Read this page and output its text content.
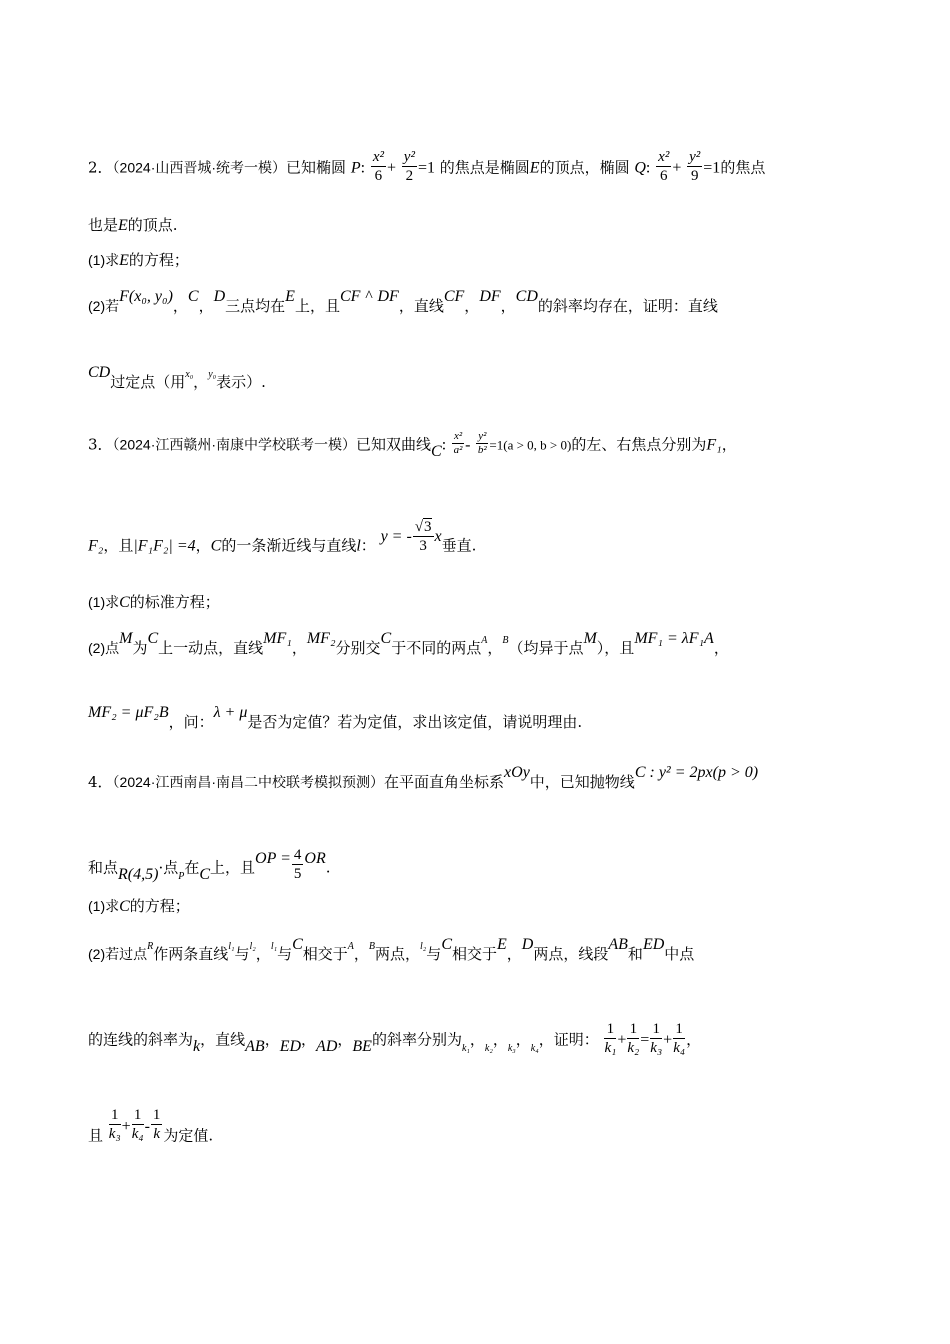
2．（2024·山西晋城·统考一模）已知椭圆 P: $\frac{\text{x²}}{6} + \frac{\text{y²}}{2} =1$ 的焦点是椭圆E的顶点，椭圆 Q: $\frac{\text{x²}}{6} + \frac{\text{y²}}{9} =1$的焦点
也是E的顶点.
(1)求E的方程；
(2)若F(x₀, y₀)，C，D三点均在E上，且CF ^ DF，直线CF，DF，CD的斜率均存在，证明：直线
CD过定点（用$^{x_0}$，$^{y_0}$表示）.
3．（2024·江西赣州·南康中学校联考一模）已知双曲线C: $\frac{\text{x²}}{\text{a²}} - \frac{\text{y²}}{\text{b²}} =1(a > 0$, b > 0)的左、右焦点分别为F₁，
F₂，且|F₁F₂| =4，C的一条渐近线与直线l： y = - $\frac{√3}{3}$ x垂直.
(1)求C的标准方程；
(2)点M为C上一动点，直线MF₁，MF₂分别交C于不同的两点$^A$，$^B$（均异于点M），且MF₁ = λF₁A，
MF₂ = μF₂B，问：λ + μ是否为定值？若为定值，求出该定值，请说明理由.
4．（2024·江西南昌·南昌二中校联考模拟预测）在平面直角坐标系xOy中，已知抛物线C : y² = 2px(p > 0)
和点R(4,5)·点$_P$在C上，且OP = $\frac{4}{5}$ OR.
(1)求C的方程；
(2)若过点$^R$作两条直线$^{l_1}$与$^{l_2}$，$^{l_1}$与C相交于$^A$，$^B$两点，$^{l_2}$与C相交于E，D两点，线段AB和ED中点
的连线的斜率为k，直线AB，ED，AD，BE的斜率分别为$_{k_1}$，$_{k_2}$，$_{k_3}$，$_{k_4}$，证明： $\frac{1}{\text{k₁}} + \frac{1}{\text{k₂}} = \frac{1}{\text{k₃}} + \frac{1}{\text{k₄}}$ ，
且 $\frac{1}{\text{k₃}} + \frac{1}{\text{k₄}} - \frac{1}{k}$ 为定值.
